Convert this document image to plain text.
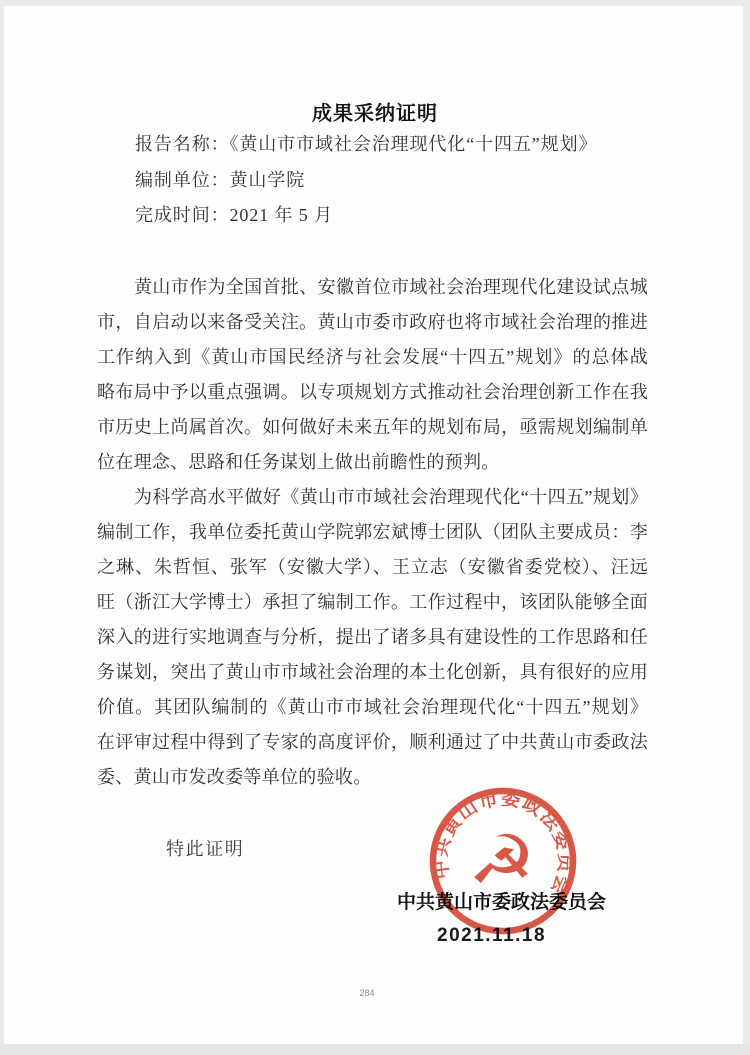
成果采纳证明
报告名称：《黄山市市域社会治理现代化“十四五”规划》
编制单位：黄山学院
完成时间：2021 年 5 月
黄山市作为全国首批、安徽首位市域社会治理现代化建设试点城
市，自启动以来备受关注。黄山市委市政府也将市域社会治理的推进
工作纳入到《黄山市国民经济与社会发展“十四五”规划》的总体战
略布局中予以重点强调。以专项规划方式推动社会治理创新工作在我
市历史上尚属首次。如何做好未来五年的规划布局，亟需规划编制单
位在理念、思路和任务谋划上做出前瞻性的预判。
为科学高水平做好《黄山市市域社会治理现代化“十四五”规划》
编制工作，我单位委托黄山学院郭宏斌博士团队（团队主要成员：李
之琳、朱哲恒、张军（安徽大学）、王立志（安徽省委党校）、汪远
旺（浙江大学博士）承担了编制工作。工作过程中，该团队能够全面
深入的进行实地调查与分析，提出了诸多具有建设性的工作思路和任
务谋划，突出了黄山市市域社会治理的本土化创新，具有很好的应用
价值。其团队编制的《黄山市市域社会治理现代化“十四五”规划》
在评审过程中得到了专家的高度评价，顺利通过了中共黄山市委政法
委、黄山市发改委等单位的验收。
特此证明
中共黄山市委政法委员会
2021.11.18
中共黄山市委政法委员会
☭
284
